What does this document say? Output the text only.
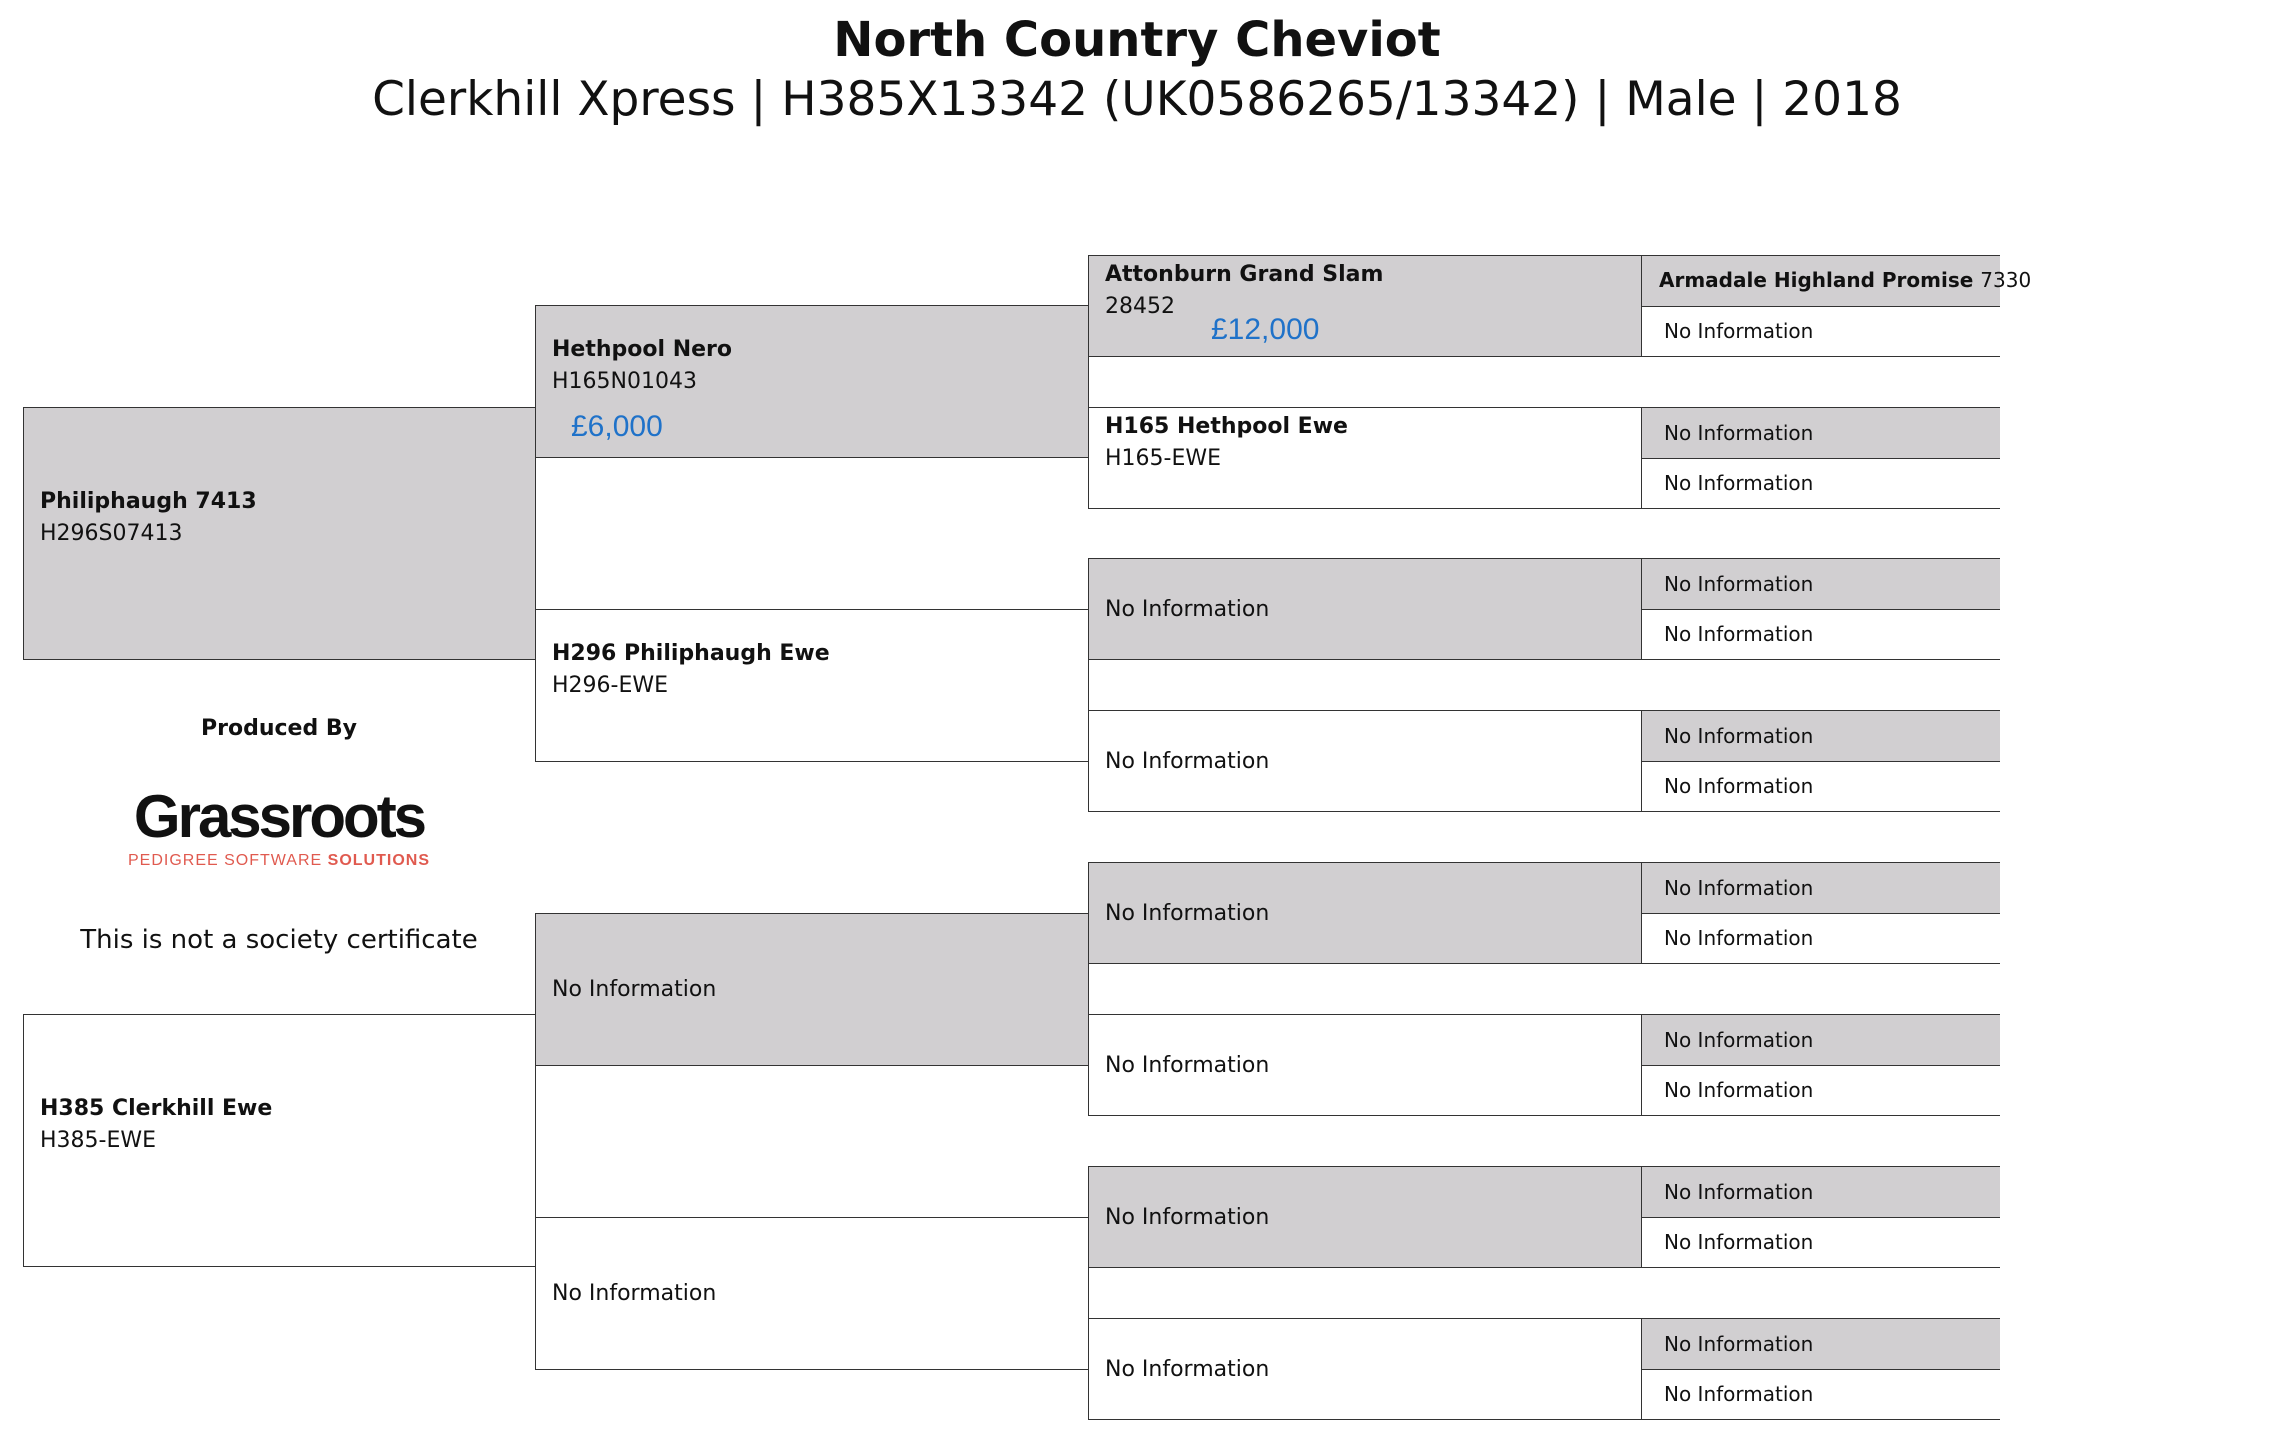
North Country Cheviot
Clerkhill Xpress | H385X13342 (UK0586265/13342) | Male | 2018
Philiphaugh 7413
H296S07413
H385 Clerkhill Ewe
H385-EWE
Hethpool Nero
H165N01043
£6,000
H296 Philiphaugh Ewe
H296-EWE
No Information
No Information
Attonburn Grand Slam
28452
£12,000
H165 Hethpool Ewe
H165-EWE
No Information
No Information
No Information
No Information
No Information
No Information
Armadale Highland Promise 7330
No Information
No Information
No Information
No Information
No Information
No Information
No Information
No Information
No Information
No Information
No Information
No Information
No Information
No Information
No Information
Produced By
Grassroots
PEDIGREE SOFTWARE SOLUTIONS
This is not a society certificate
